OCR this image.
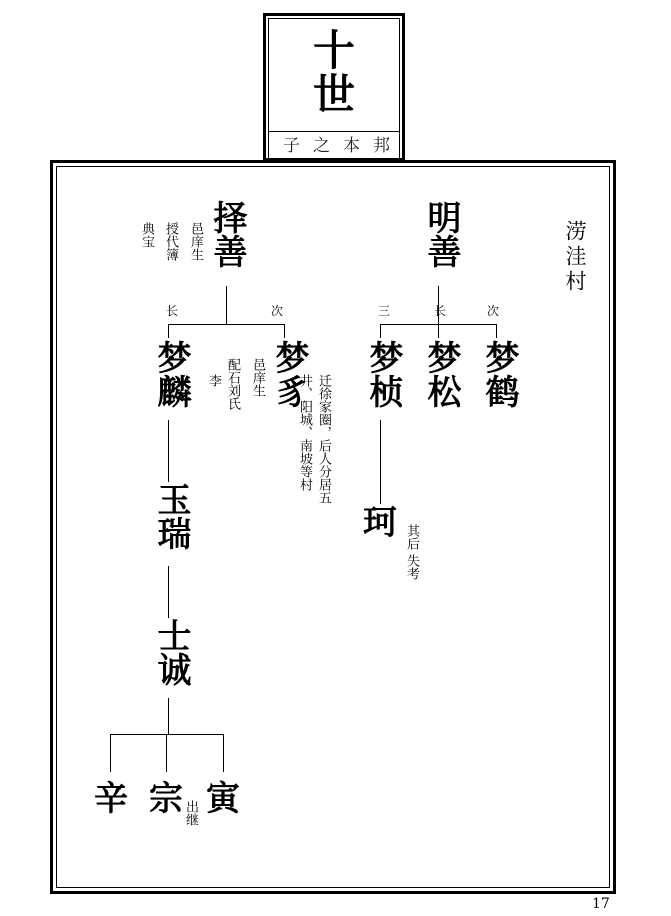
十
世
子 之 本 邦
涝洼村
择善
邑庠生
授代簿
典宝
长	次
梦麟 梦豸
邑庠生
配石刘氏
李	迁徐家圈，后人分居五
井、阳城、南坡等村
玉瑞
士诚
辛 宗 寅
出继
明善
三	长	次
梦桢 梦松 梦鹤
珂 其后
失考
17
